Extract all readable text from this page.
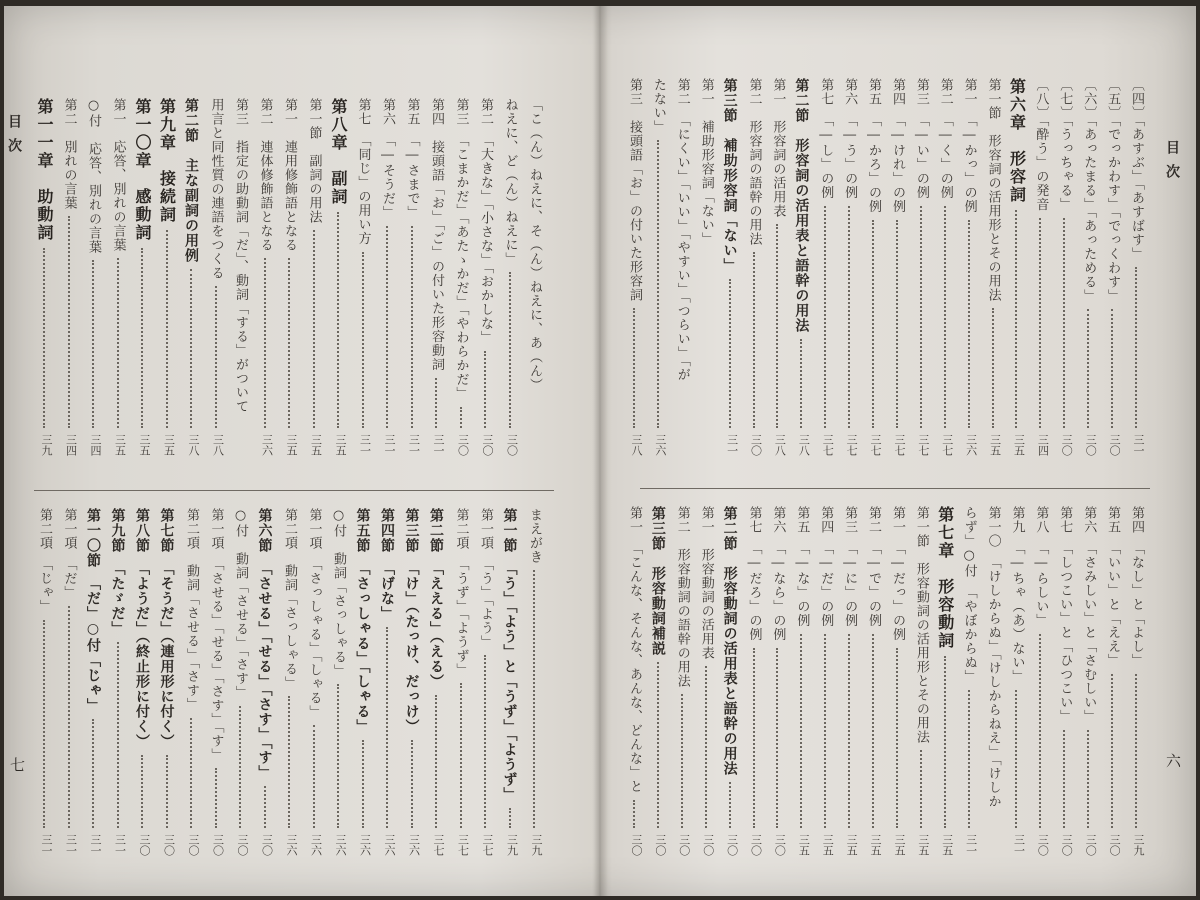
目次
七
「こ（ん）ねえに、そ（ん）ねえに、あ（ん）
ねえに、ど（ん）ねえに」
三〇
第二　「大きな」「小さな」「おかしな」
三〇
第三　「こまかだ」「あたゝかだ」「やわらかだ」
三〇
第四　接頭語「お」「ご」の付いた形容動詞
三一
第五　「―さまで」
三一
第六　「―そうだ」
三一
第七　「同じ」の用い方
三一
第八章　副詞
三五
第一節　副詞の用法
三五
第一　連用修飾語となる
三五
第二　連体修飾語となる
三六
第三　指定の助動詞「だ」、動詞「する」がついて
用言と同性質の連語をつくる
三八
第二節　主な副詞の用例
三八
第九章　接続詞
三五
第一〇章　感動詞
三五
第一　応答、別れの言葉
三五
○付　応答、別れの言葉
三四
第二　別れの言葉
三四
第一一章　助動詞
三九
まえがき
三九
第一節　「う」「よう」と「うず」「ようず」
三九
第一項　「う」「よう」
三七
第二項　「うず」「ようず」
三七
第二節　「ええる」（える）
三七
第三節　「け」（たっけ、だっけ）
三六
第四節　「げな」
三六
第五節　「さっしゃる」「しゃる」
三六
○付　動詞「さっしゃる」
三六
第一項　「さっしゃる」「しゃる」
三六
第二項　動詞「さっしゃる」
三六
第六節　「させる」「せる」「さす」「す」
三〇
○付　動詞「させる」「さす」
三〇
第一項　「させる」「せる」「さす」「す」
三〇
第二項　動詞「させる」「さす」
三〇
第七節　「そうだ」（連用形に付く）
三〇
第八節　「ようだ」（終止形に付く）
三〇
第九節　「たゞだ」
三一
第一〇節　「だ」○付「じゃ」
三一
第一項　「だ」
三一
第二項　「じゃ」
三一
目次
六
〔四〕「あすぶ」「あすばす」
三一
〔五〕「でっかわす」「でっくわす」
三〇
〔六〕「あったまる」「あっためる」
三〇
〔七〕「うっちゃる」
三〇
〔八〕「酔う」の発音
三四
第六章　形容詞
三五
第一節　形容詞の活用形とその用法
三五
第一　「―かっ」の例
三六
第二　「―く」の例
三七
第三　「―い」の例
三七
第四　「―けれ」の例
三七
第五　「―かろ」の例
三七
第六　「―う」の例
三七
第七　「―し」の例
三七
第二節　形容詞の活用表と語幹の用法
三八
第一　形容詞の活用表
三八
第二　形容詞の語幹の用法
三〇
第三節　補助形容詞「ない」
三一
第一　補助形容詞「ない」
第二　「にくい」「いい」「やすい」「つらい」「が
たない」
三六
第三　接頭語「お」の付いた形容詞
三八
第四　「なし」と「よし」
三九
第五　「いい」と「ええ」
三〇
第六　「さみしい」と「さむしい」
三〇
第七　「しつこい」と「ひつこい」
三〇
第八　「―らしい」
三〇
第九　「―ちゃ（あ）ない」
三一
第一〇　「けしからぬ」「けしからねえ」「けしか
らず」○付　「やぼからぬ」
三一
第七章　形容動詞
三五
第一節　形容動詞の活用形とその用法
三五
第一　「―だっ」の例
三五
第二　「―で」の例
三五
第三　「―に」の例
三五
第四　「―だ」の例
三五
第五　「―な」の例
三五
第六　「―なら」の例
三〇
第七　「―だろ」の例
三〇
第二節　形容動詞の活用表と語幹の用法
三〇
第一　形容動詞の活用表
三〇
第二　形容動詞の語幹の用法
三〇
第三節　形容動詞補説
三〇
第一　「こんな、そんな、あんな、どんな」と
三〇
